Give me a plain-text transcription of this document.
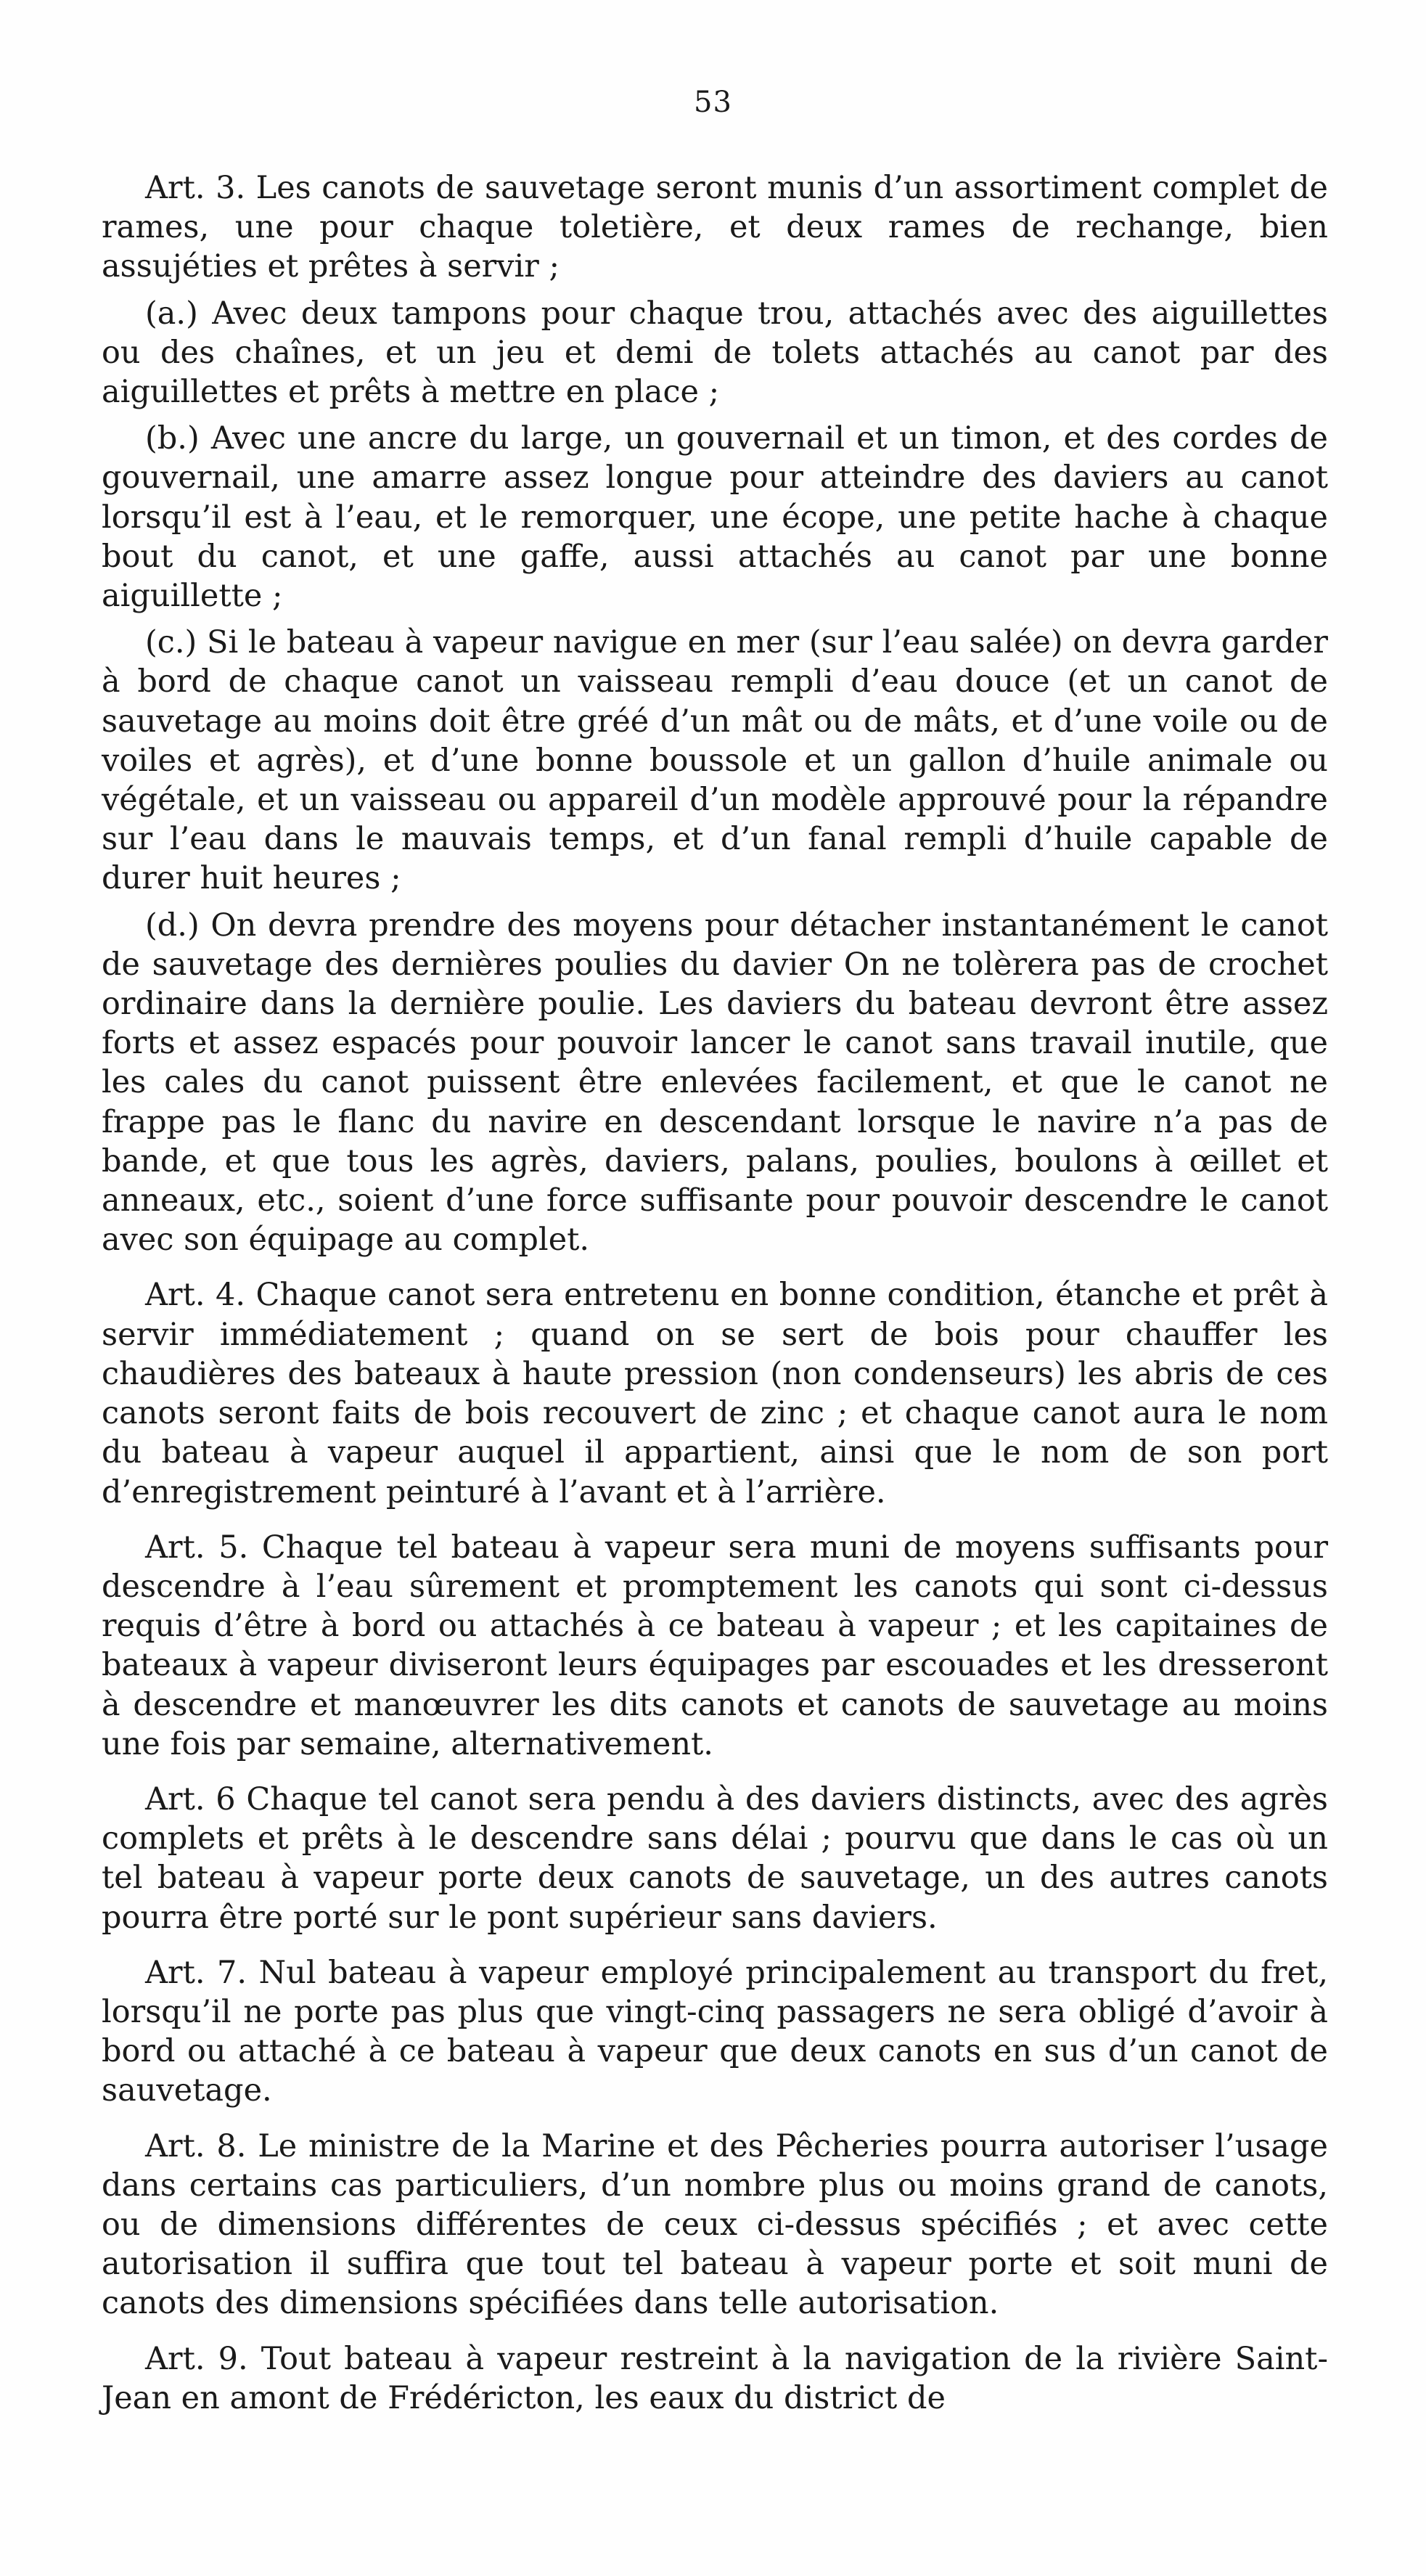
53

Art. 3. Les canots de sauvetage seront munis d’un assortiment complet de rames, une pour chaque toletière, et deux rames de rechange, bien assujéties et prêtes à servir ;

(a.) Avec deux tampons pour chaque trou, attachés avec des aiguillettes ou des chaînes, et un jeu et demi de tolets attachés au canot par des aiguillettes et prêts à mettre en place ;

(b.) Avec une ancre du large, un gouvernail et un timon, et des cordes de gouvernail, une amarre assez longue pour atteindre des daviers au canot lorsqu’il est à l’eau, et le remorquer, une écope, une petite hache à chaque bout du canot, et une gaffe, aussi attachés au canot par une bonne aiguillette ;

(c.) Si le bateau à vapeur navigue en mer (sur l’eau salée) on devra garder à bord de chaque canot un vaisseau rempli d’eau douce (et un canot de sauvetage au moins doit être gréé d’un mât ou de mâts, et d’une voile ou de voiles et agrès), et d’une bonne boussole et un gallon d’huile animale ou végétale, et un vaisseau ou appareil d’un modèle approuvé pour la répandre sur l’eau dans le mauvais temps, et d’un fanal rempli d’huile capable de durer huit heures ;

(d.) On devra prendre des moyens pour détacher instantanément le canot de sauvetage des dernières poulies du davier On ne tolèrera pas de crochet ordinaire dans la dernière poulie. Les daviers du bateau devront être assez forts et assez espacés pour pouvoir lancer le canot sans travail inutile, que les cales du canot puissent être enlevées facilement, et que le canot ne frappe pas le flanc du navire en descendant lorsque le navire n’a pas de bande, et que tous les agrès, daviers, palans, poulies, boulons à œillet et anneaux, etc., soient d’une force suffisante pour pouvoir descendre le canot avec son équipage au complet.

Art. 4. Chaque canot sera entretenu en bonne condition, étanche et prêt à servir immédiatement ; quand on se sert de bois pour chauffer les chaudières des bateaux à haute pression (non condenseurs) les abris de ces canots seront faits de bois recouvert de zinc ; et chaque canot aura le nom du bateau à vapeur auquel il appartient, ainsi que le nom de son port d’enregistrement peinturé à l’avant et à l’arrière.

Art. 5. Chaque tel bateau à vapeur sera muni de moyens suffisants pour descendre à l’eau sûrement et promptement les canots qui sont ci-dessus requis d’être à bord ou attachés à ce bateau à vapeur ; et les capitaines de bateaux à vapeur diviseront leurs équipages par escouades et les dresseront à descendre et manœuvrer les dits canots et canots de sauvetage au moins une fois par semaine, alternativement.

Art. 6 Chaque tel canot sera pendu à des daviers distincts, avec des agrès complets et prêts à le descendre sans délai ; pourvu que dans le cas où un tel bateau à vapeur porte deux canots de sauvetage, un des autres canots pourra être porté sur le pont supérieur sans daviers.

Art. 7. Nul bateau à vapeur employé principalement au transport du fret, lorsqu’il ne porte pas plus que vingt-cinq passagers ne sera obligé d’avoir à bord ou attaché à ce bateau à vapeur que deux canots en sus d’un canot de sauvetage.

Art. 8. Le ministre de la Marine et des Pêcheries pourra autoriser l’usage dans certains cas particuliers, d’un nombre plus ou moins grand de canots, ou de dimensions différentes de ceux ci-dessus spécifiés ; et avec cette autorisation il suffira que tout tel bateau à vapeur porte et soit muni de canots des dimensions spécifiées dans telle autorisation.

Art. 9. Tout bateau à vapeur restreint à la navigation de la rivière Saint-Jean en amont de Frédéricton, les eaux du district de
